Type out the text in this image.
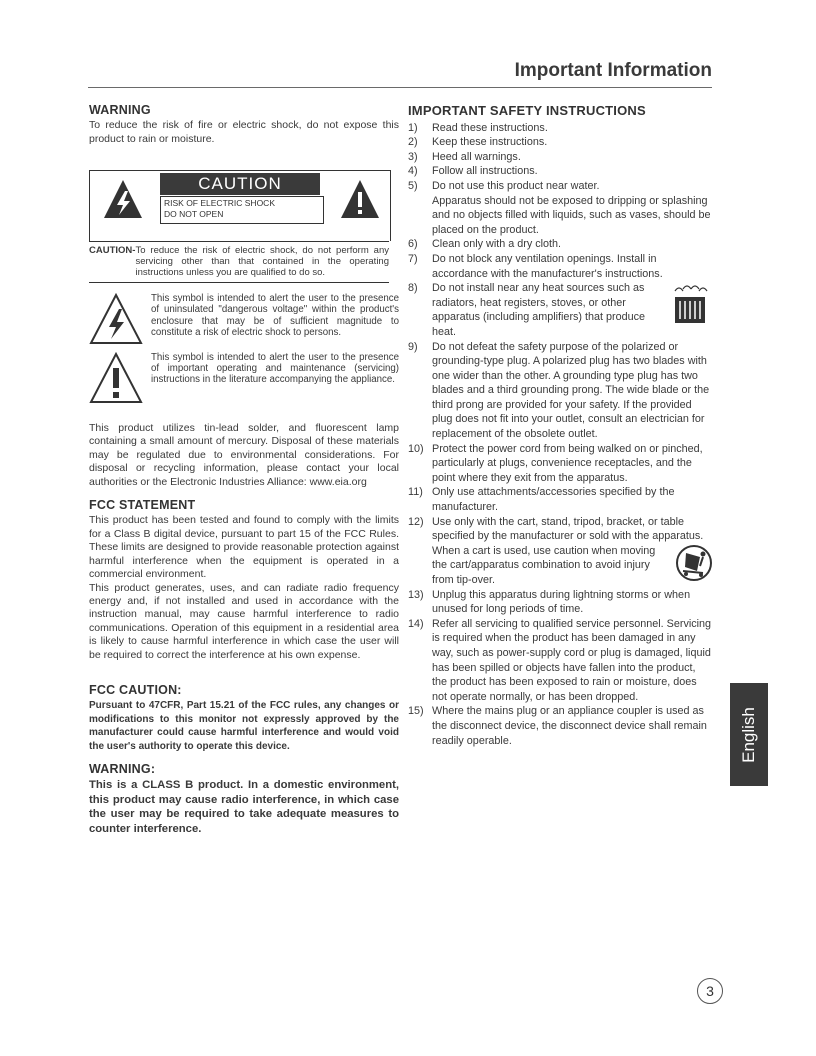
Important Information
WARNING

To reduce the risk of fire or electric shock, do not expose this product to rain or moisture.

CAUTION
RISK OF ELECTRIC SHOCK
DO NOT OPEN
CAUTION- To reduce the risk of electric shock, do not perform any servicing other than that contained in the operating instructions unless you are qualified to do so.

This symbol is intended to alert the user to the presence of uninsulated "dangerous voltage" within the product's enclosure that may be of sufficient magnitude to constitute a risk of electric shock to persons.

This symbol is intended to alert the user to the presence of important operating and maintenance (servicing) instructions in the literature accompanying the appliance.

This product utilizes tin-lead solder, and fluorescent lamp containing a small amount of mercury. Disposal of these materials may be regulated due to environmental considerations. For disposal or recycling information, please contact your local authorities or the Electronic Industries Alliance: www.eia.org

FCC STATEMENT

This product has been tested and found to comply with the limits for a Class B digital device, pursuant to part 15 of the FCC Rules. These limits are designed to provide reasonable protection against harmful interference when the equipment is operated in a commercial environment.

This product generates, uses, and can radiate radio frequency energy and, if not installed and used in accordance with the instruction manual, may cause harmful interference to radio communications. Operation of this equipment in a residential area is likely to cause harmful interference in which case the user will be required to correct the interference at his own expense.

FCC CAUTION:

Pursuant to 47CFR, Part 15.21 of the FCC rules, any changes or modifications to this monitor not expressly approved by the manufacturer could cause harmful interference and would void the user's authority to operate this device.

WARNING:

This is a CLASS B product. In a domestic environment, this product may cause radio interference, in which case the user may be required to take adequate measures to counter interference.

IMPORTANT SAFETY INSTRUCTIONS
1)	Read these instructions.
2)	Keep these instructions.
3)	Heed all warnings.
4)	Follow all instructions.
5)	Do not use this product near water.
Apparatus should not be exposed to dripping or splashing and no objects filled with liquids, such as vases, should be placed on the product.
6)	Clean only with a dry cloth.
7)	Do not block any ventilation openings. Install in accordance with the manufacturer's instructions.
8)	Do not install near any heat sources such as radiators, heat registers, stoves, or other apparatus (including amplifiers) that produce heat.
9)	Do not defeat the safety purpose of the polarized or grounding-type plug. A polarized plug has two blades with one wider than the other. A grounding type plug has two blades and a third grounding prong. The wide blade or the third prong are provided for your safety. If the provided plug does not fit into your outlet, consult an electrician for replacement of the obsolete outlet.
10) Protect the power cord from being walked on or pinched, particularly at plugs, convenience receptacles, and the point where they exit from the apparatus.
11) Only use attachments/accessories specified by the manufacturer.
12) Use only with the cart, stand, tripod, bracket, or table specified by the manufacturer or sold with the apparatus.
When a cart is used, use caution when moving the cart/apparatus combination to avoid injury from tip-over.
13) Unplug this apparatus during lightning storms or when unused for long periods of time.
14) Refer all servicing to qualified service personnel. Servicing is required when the product has been damaged in any way, such as power-supply cord or plug is damaged, liquid has been spilled or objects have fallen into the product, the product has been exposed to rain or moisture, does not operate normally, or has been dropped.
15) Where the mains plug or an appliance coupler is used as the disconnect device, the disconnect device shall remain readily operable.	English
3
